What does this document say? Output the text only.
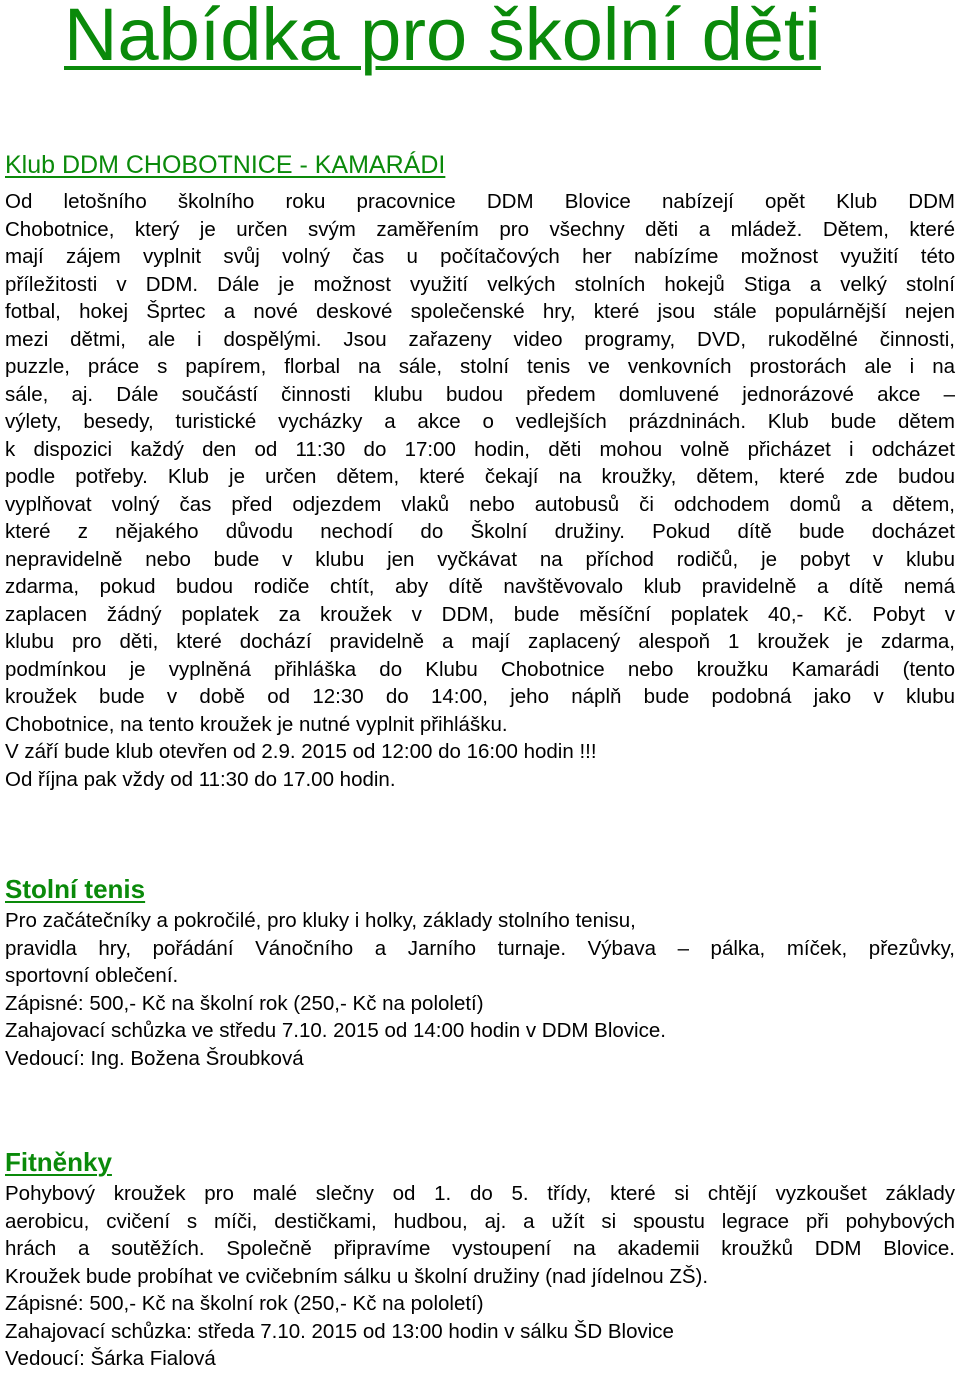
Nabídka pro školní děti
Klub DDM CHOBOTNICE - KAMARÁDI
Od letošního školního roku pracovnice DDM Blovice nabízejí opět Klub DDM
Chobotnice, který je určen svým zaměřením pro všechny děti a mládež. Dětem, které
mají zájem vyplnit svůj volný čas u počítačových her nabízíme možnost využití této
příležitosti v DDM. Dále je možnost využití velkých stolních hokejů Stiga a velký stolní
fotbal, hokej Šprtec a nové deskové společenské hry, které jsou stále populárnější nejen
mezi dětmi, ale i dospělými. Jsou zařazeny video programy, DVD, rukodělné činnosti,
puzzle, práce s papírem, florbal na sále, stolní tenis ve venkovních prostorách ale i na
sále, aj. Dále součástí činnosti klubu budou předem domluvené jednorázové akce –
výlety, besedy, turistické vycházky a akce o vedlejších prázdninách. Klub bude dětem
k dispozici každý den od 11:30 do 17:00 hodin, děti mohou volně přicházet i odcházet
podle potřeby. Klub je určen dětem, které čekají na kroužky, dětem, které zde budou
vyplňovat volný čas před odjezdem vlaků nebo autobusů či odchodem domů a dětem,
které z nějakého důvodu nechodí do Školní družiny. Pokud dítě bude docházet
nepravidelně nebo bude v klubu jen vyčkávat na příchod rodičů, je pobyt v klubu
zdarma, pokud budou rodiče chtít, aby dítě navštěvovalo klub pravidelně a dítě nemá
zaplacen žádný poplatek za kroužek v DDM, bude měsíční poplatek 40,- Kč. Pobyt v
klubu pro děti, které dochází pravidelně a mají zaplacený alespoň 1 kroužek je zdarma,
podmínkou je vyplněná přihláška do Klubu Chobotnice nebo kroužku Kamarádi (tento
kroužek bude v době od 12:30 do 14:00, jeho náplň bude podobná jako v klubu
Chobotnice, na tento kroužek je nutné vyplnit přihlášku.
V září bude klub otevřen od 2.9. 2015 od 12:00 do 16:00 hodin !!!
Od října pak vždy od 11:30 do 17.00 hodin.
Stolní tenis
Pro začátečníky a pokročilé, pro kluky i holky, základy stolního tenisu,
pravidla hry, pořádání Vánočního a Jarního turnaje. Výbava – pálka, míček, přezůvky,
sportovní oblečení.
Zápisné: 500,- Kč na školní rok (250,- Kč na pololetí)
Zahajovací schůzka ve středu 7.10. 2015 od 14:00 hodin v DDM Blovice.
Vedoucí: Ing. Božena Šroubková
Fitněnky
Pohybový kroužek pro malé slečny od 1. do 5. třídy, které si chtějí vyzkoušet základy
aerobicu, cvičení s míči, destičkami, hudbou, aj. a užít si spoustu legrace při pohybových
hrách a soutěžích. Společně připravíme vystoupení na akademii kroužků DDM Blovice.
Kroužek bude probíhat ve cvičebním sálku u školní družiny (nad jídelnou ZŠ).
Zápisné: 500,- Kč na školní rok (250,- Kč na pololetí)
Zahajovací schůzka: středa 7.10. 2015 od 13:00 hodin v sálku ŠD Blovice
Vedoucí: Šárka Fialová
